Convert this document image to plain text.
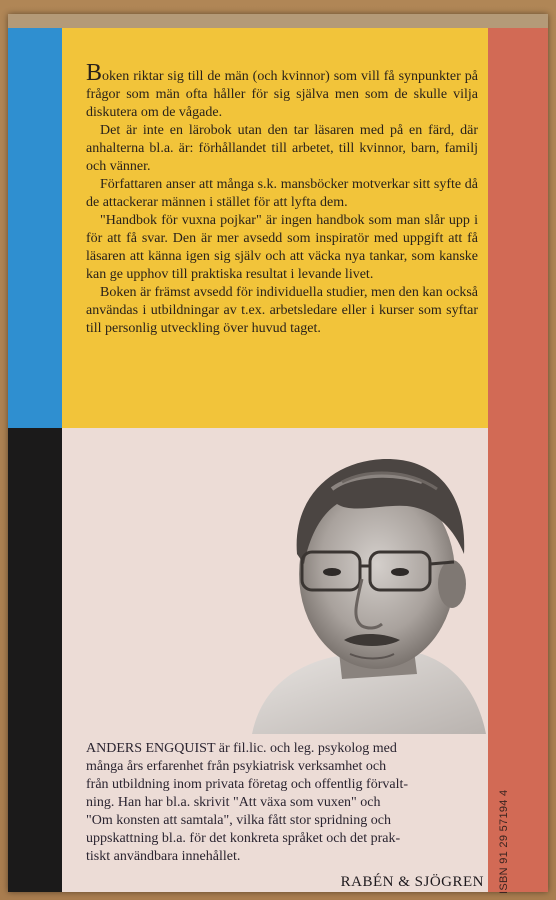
Boken riktar sig till de män (och kvinnor) som vill få synpunkter på frågor som män ofta håller för sig själva men som de skulle vilja diskutera om de vågade.

Det är inte en lärobok utan den tar läsaren med på en färd, där anhalterna bl.a. är: förhållandet till arbetet, till kvinnor, barn, familj och vänner.

Författaren anser att många s.k. mansböcker motverkar sitt syfte då de attackerar männen i stället för att lyfta dem.

"Handbok för vuxna pojkar" är ingen handbok som man slår upp i för att få svar. Den är mer avsedd som inspiratör med uppgift att få läsaren att känna igen sig själv och att väcka nya tankar, som kanske kan ge upphov till praktiska resultat i levande livet.

Boken är främst avsedd för individuella studier, men den kan också användas i utbildningar av t.ex. arbetsledare eller i kurser som syftar till personlig utveckling över huvud taget.

ANDERS ENGQUIST är fil.lic. och leg. psykolog med
många års erfarenhet från psykiatrisk verksamhet och
från utbildning inom privata företag och offentlig förvalt-
ning. Han har bl.a. skrivit "Att växa som vuxen" och
"Om konsten att samtala", vilka fått stor spridning och
uppskattning bl.a. för det konkreta språket och det prak-
tiskt användbara innehållet.
RABÉN & SJÖGREN ISBN 91 29 57194 4
